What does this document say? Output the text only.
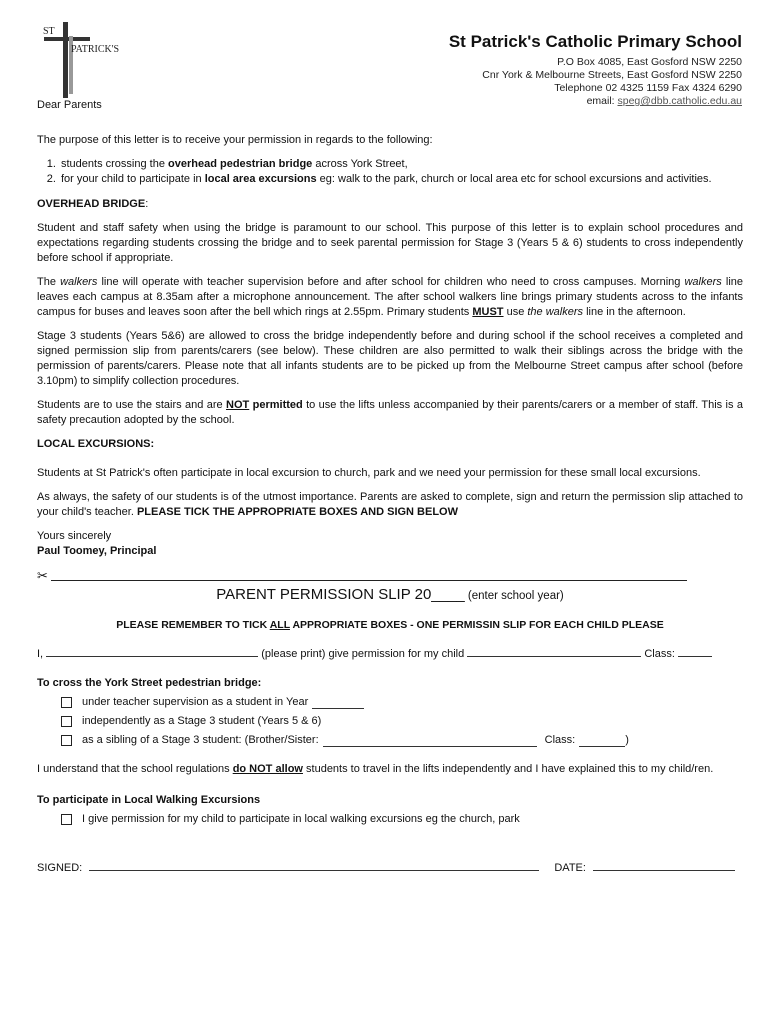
ST
PATRICK'S	St Patrick's Catholic Primary School
P.O Box 4085, East Gosford NSW 2250
Cnr York & Melbourne Streets, East Gosford NSW 2250
Telephone 02 4325 1159 Fax 4324 6290
email: speg@dbb.catholic.edu.au

Dear Parents

The purpose of this letter is to receive your permission in regards to the following:

1. students crossing the overhead pedestrian bridge across York Street,
2. for your child to participate in local area excursions eg: walk to the park, church or local area etc for school excursions and activities.

OVERHEAD BRIDGE:

Student and staff safety when using the bridge is paramount to our school. This purpose of this letter is to explain school procedures and expectations regarding students crossing the bridge and to seek parental permission for Stage 3 (Years 5 & 6) students to cross independently before school if appropriate.

The walkers line will operate with teacher supervision before and after school for children who need to cross campuses. Morning walkers line leaves each campus at 8.35am after a microphone announcement. The after school walkers line brings primary students across to the infants campus for buses and leaves soon after the bell which rings at 2.55pm. Primary students MUST use the walkers line in the afternoon.

Stage 3 students (Years 5&6) are allowed to cross the bridge independently before and during school if the school receives a completed and signed permission slip from parents/carers (see below). These children are also permitted to walk their siblings across the bridge with the permission of parents/carers. Please note that all infants students are to be picked up from the Melbourne Street campus after school (before 3.10pm) to simplify collection procedures.

Students are to use the stairs and are NOT permitted to use the lifts unless accompanied by their parents/carers or a member of staff. This is a safety precaution adopted by the school.

LOCAL EXCURSIONS:

Students at St Patrick's often participate in local excursion to church, park and we need your permission for these small local excursions.

As always, the safety of our students is of the utmost importance. Parents are asked to complete, sign and return the permission slip attached to your child's teacher. PLEASE TICK THE APPROPRIATE BOXES AND SIGN BELOW

Yours sincerely

Paul Toomey, Principal

✂
PARENT PERMISSION SLIP 20____ (enter school year)
PLEASE REMEMBER TO TICK ALL APPROPRIATE BOXES - ONE PERMISSIN SLIP FOR EACH CHILD PLEASE
I,	(please print) give permission for my child	Class:
To cross the York Street pedestrian bridge:
under teacher supervision as a student in Year
independently as a Stage 3 student (Years 5 & 6)
as a sibling of a Stage 3 student: (Brother/Sister:	Class:	)

I understand that the school regulations do NOT allow students to travel in the lifts independently and I have explained this to my child/ren.

To participate in Local Walking Excursions
I give permission for my child to participate in local walking excursions eg the church, park
SIGNED:	DATE:
